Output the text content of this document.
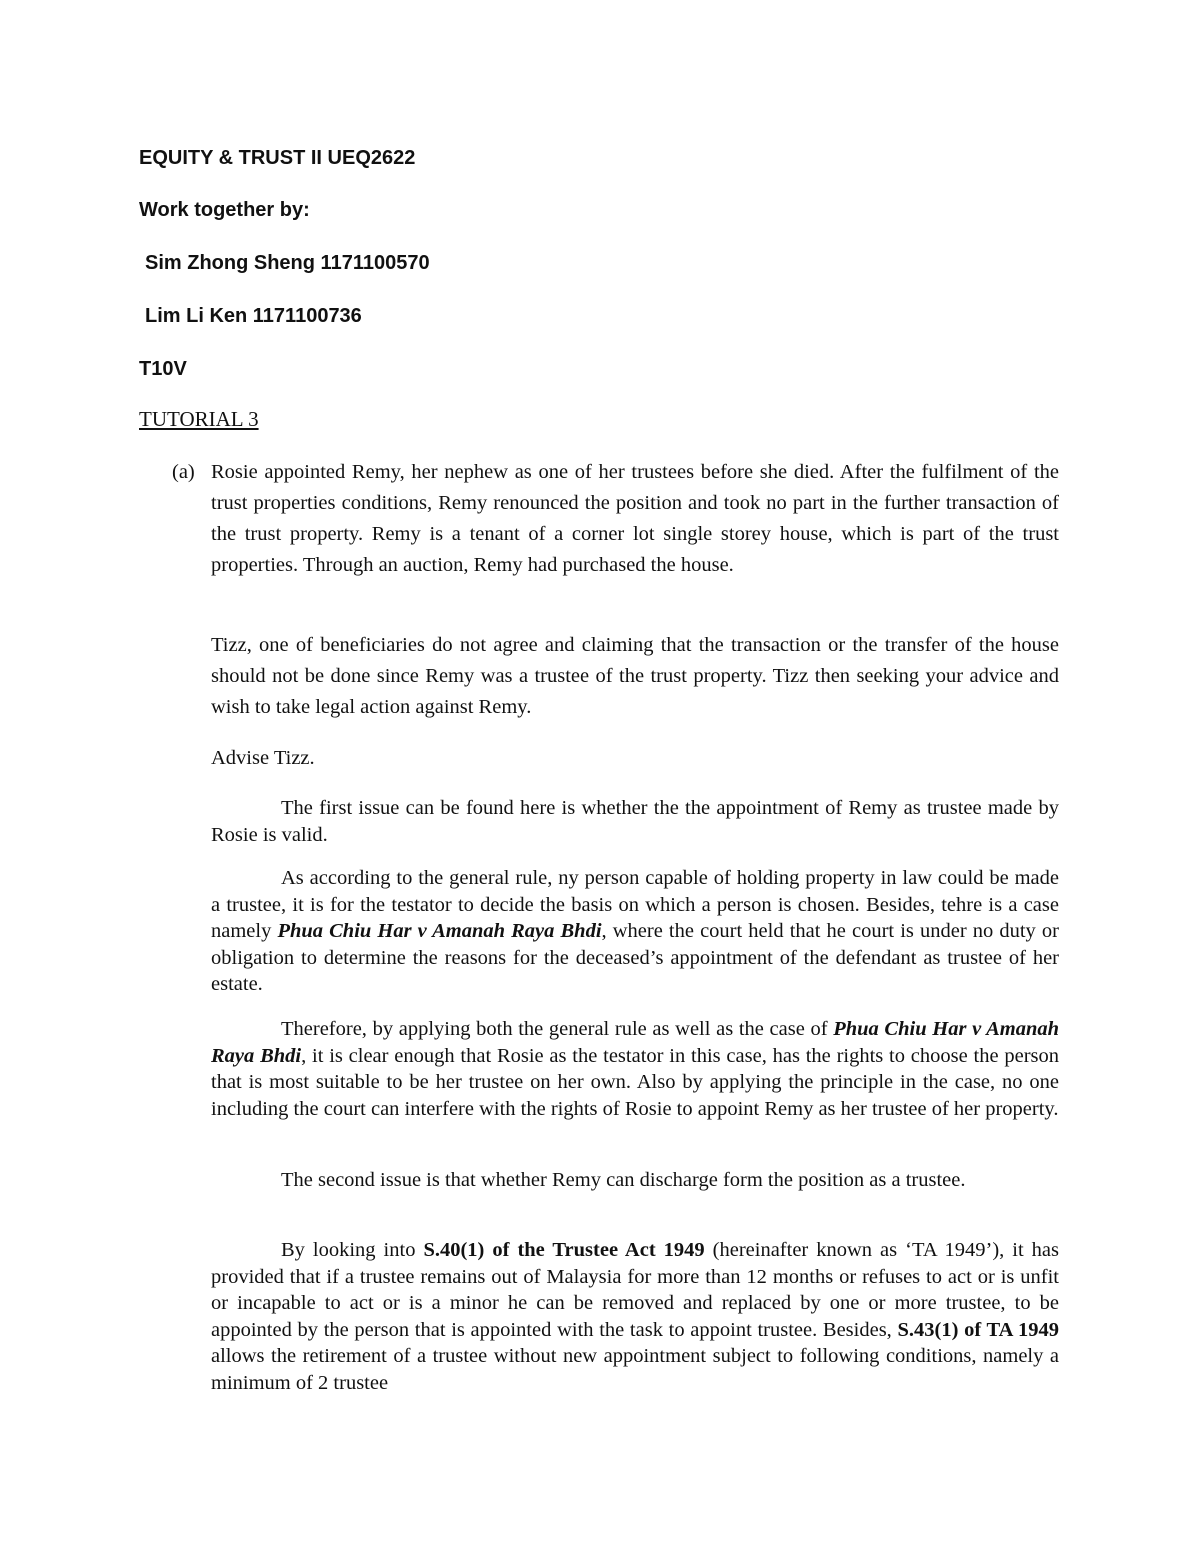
EQUITY & TRUST II UEQ2622

Work together by:

Sim Zhong Sheng 1171100570

Lim Li Ken 1171100736

T10V

TUTORIAL 3

(a) Rosie appointed Remy, her nephew as one of her trustees before she died. After the fulfilment of the trust properties conditions, Remy renounced the position and took no part in the further transaction of the trust property. Remy is a tenant of a corner lot single storey house, which is part of the trust properties. Through an auction, Remy had purchased the house.

Tizz, one of beneficiaries do not agree and claiming that the transaction or the transfer of the house should not be done since Remy was a trustee of the trust property. Tizz then seeking your advice and wish to take legal action against Remy.

Advise Tizz.

The first issue can be found here is whether the the appointment of Remy as trustee made by Rosie is valid.

As according to the general rule, ny person capable of holding property in law could be made a trustee, it is for the testator to decide the basis on which a person is chosen. Besides, tehre is a case namely Phua Chiu Har v Amanah Raya Bhdi, where the court held that he court is under no duty or obligation to determine the reasons for the deceased’s appointment of the defendant as trustee of her estate.

Therefore, by applying both the general rule as well as the case of Phua Chiu Har v Amanah Raya Bhdi, it is clear enough that Rosie as the testator in this case, has the rights to choose the person that is most suitable to be her trustee on her own. Also by applying the principle in the case, no one including the court can interfere with the rights of Rosie to appoint Remy as her trustee of her property.

The second issue is that whether Remy can discharge form the position as a trustee.

By looking into S.40(1) of the Trustee Act 1949 (hereinafter known as ‘TA 1949’), it has provided that if a trustee remains out of Malaysia for more than 12 months or refuses to act or is unfit or incapable to act or is a minor he can be removed and replaced by one or more trustee, to be appointed by the person that is appointed with the task to appoint trustee. Besides, S.43(1) of TA 1949 allows the retirement of a trustee without new appointment subject to following conditions, namely a minimum of 2 trustee
